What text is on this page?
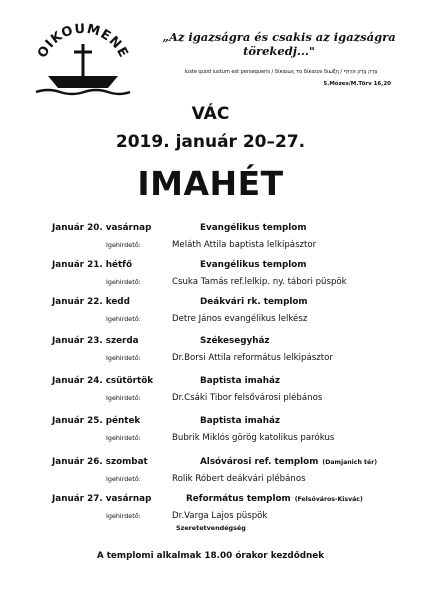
OIKOUMENE
„Az igazságra és csakis az igazságra törekedj..."
Iuste quod iustum est persequeris / δίκαιως το δίκαιον διωξη / צֶדֶק צֶדֶק תִּרְדֹּף
5.Mózes/M.Törv 16,20
VÁC
2019. január 20–27.
IMAHÉT
Január 20. vasárnap	Evangélikus templom
Igehirdető:	Meláth Attila baptista lelkipásztor
Január 21. hétfő	Evangélikus templom
Igehirdető:	Csuka Tamás ref.lelkip. ny. tábori püspök
Január 22. kedd	Deákvári rk. templom
Igehirdető:	Detre János evangélikus lelkész
Január 23. szerda	Székesegyház
Igehirdető:	Dr.Borsi Attila református lelkipásztor
Január 24. csütörtök	Baptista imaház
Igehirdető:	Dr.Csáki Tibor felsővárosi plébános
Január 25. péntek	Baptista imaház
Igehirdető:	Bubrik Miklós görög katolikus parókus
Január 26. szombat	Alsóvárosi ref. templom (Damjanich tér)
Igehirdető:	Rolik Róbert deákvári plébános
Január 27. vasárnap	Református templom (Felsőváros-Kisvác)
Igehirdető:	Dr.Varga Lajos püspök
Szeretetvendégség
A templomi alkalmak 18.00 órakor kezdődnek
